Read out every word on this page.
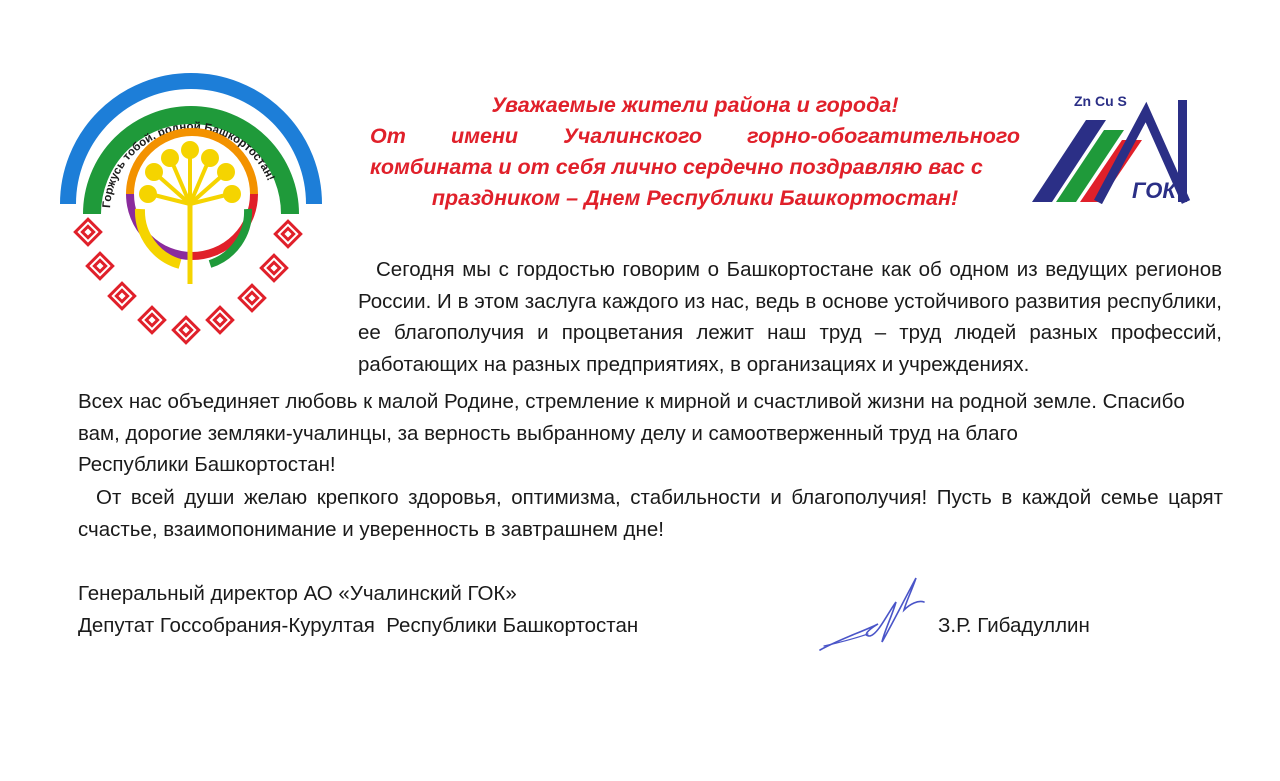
Горжусь тобой, родной Башкортостан!
Уважаемые жители района и города!
От имени Учалинского горно-обогатительного комбината и от себя лично сердечно поздравляю вас с
праздником – Днем Республики Башкортостан!
Zn Cu S
ГОК
Сегодня мы с гордостью говорим о Башкортостане как об одном из ведущих регионов России. И в этом заслуга каждого из нас, ведь в основе устойчивого развития республики, ее благополучия и процветания лежит наш труд – труд людей разных профессий, работающих на разных предприятиях, в организациях и учреждениях.
Всех нас объединяет любовь к малой Родине, стремление к мирной и счастливой жизни на родной земле. Спасибо
вам, дорогие земляки-учалинцы, за верность выбранному делу и самоотверженный труд на благо
Республики Башкортостан!
От всей души желаю крепкого здоровья, оптимизма, стабильности и благополучия! Пусть в каждой семье царят счастье, взаимопонимание и уверенность в завтрашнем дне!
Генеральный директор АО «Учалинский ГОК»
Депутат Госсобрания-Курултая  Республики Башкортостан	З.Р. Гибадуллин
